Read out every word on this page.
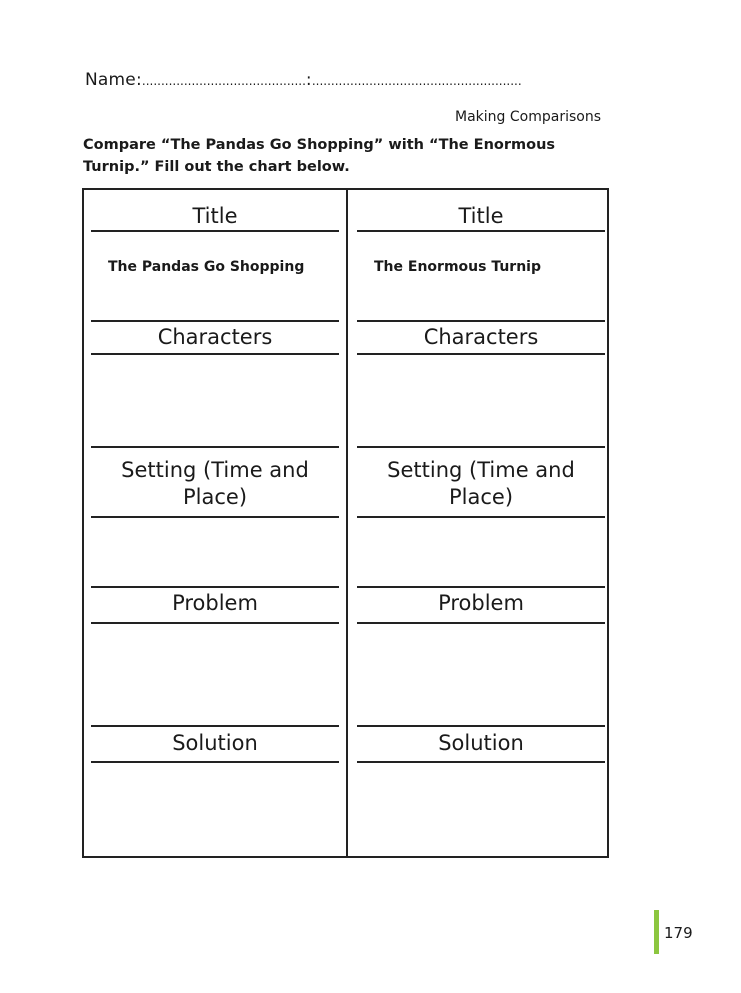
Name:...........................................:.......................................................
Making Comparisons
Compare “The Pandas Go Shopping” with “The Enormous Turnip.” Fill out the chart below.
Title
The Pandas Go Shopping
Characters
Setting (Time and
Place)
Problem
Solution
Title
The Enormous Turnip
Characters
Setting (Time and
Place)
Problem
Solution
179
